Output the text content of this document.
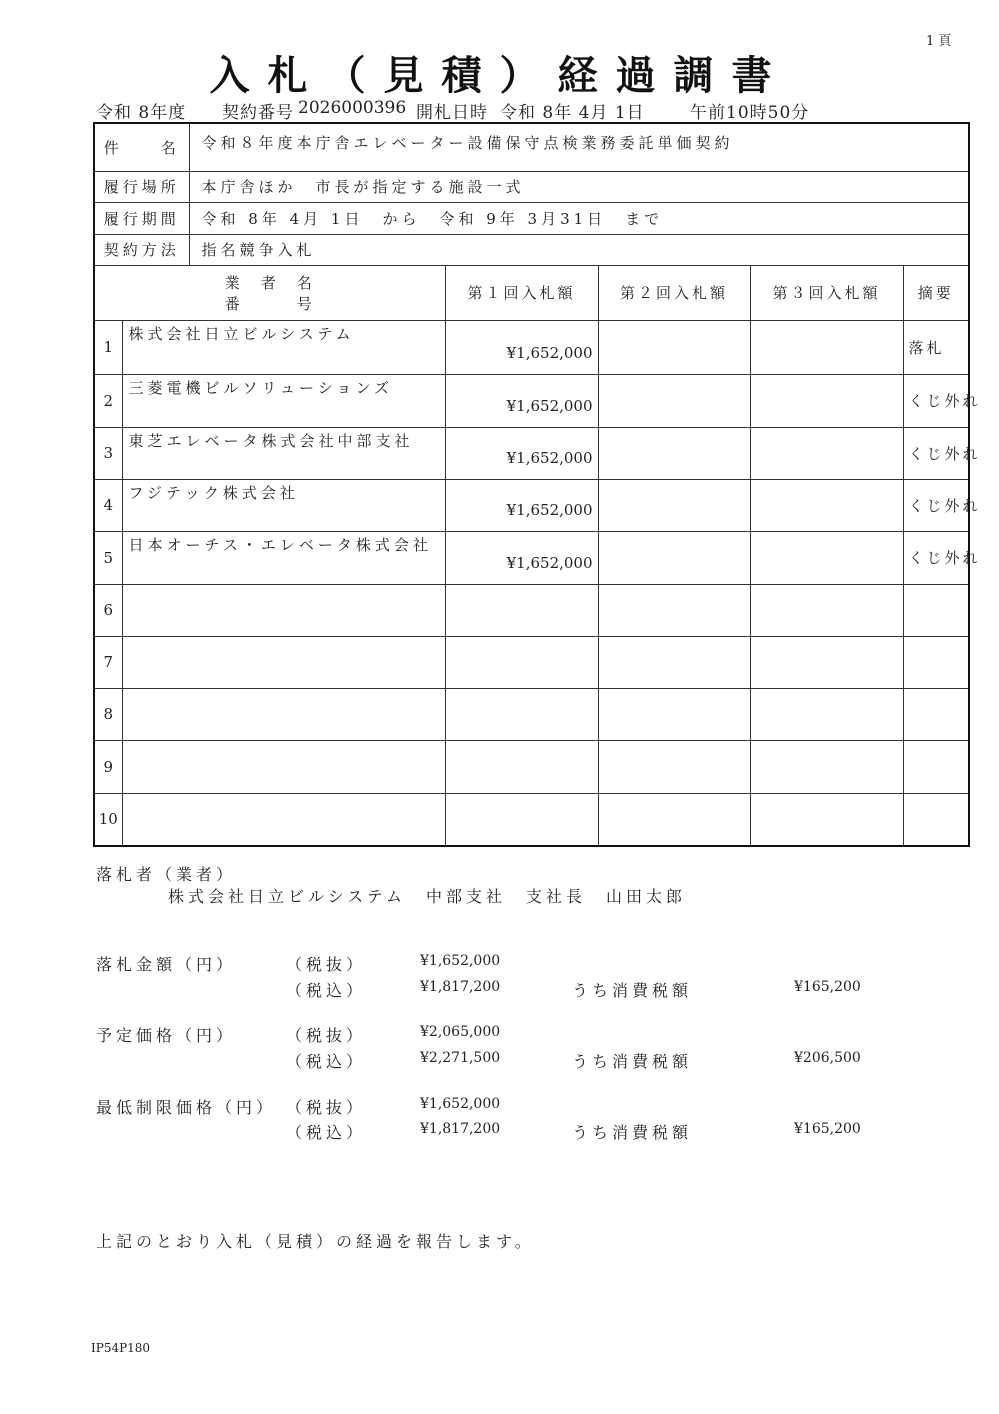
1 頁
入札（見積）経過調書
令和 8年度 契約番号 2026000396 開札日時 令和 8年 4月 1日	午前10時50分
件　　名		令和８年度本庁舎エレベーター設備保守点検業務委託単価契約				
履行場所		本庁舎ほか　市長が指定する施設一式				
履行期間		令和 8年 4月 1日　から　令和 9年 3月31日　まで				
契約方法		指名競争入札				

業　者　名
番　　　号			第１回入札額	第２回入札額	第３回入札額	摘要
1	株式会社日立ビルシステム		¥1,652,000			落札
2	三菱電機ビルソリューションズ		¥1,652,000			くじ外れ
3	東芝エレベータ株式会社中部支社		¥1,652,000			くじ外れ
4	フジテック株式会社		¥1,652,000			くじ外れ
5	日本オーチス・エレベータ株式会社		¥1,652,000			くじ外れ
6						
7						
8						
9						
10						
落札者（業者）
株式会社日立ビルシステム　中部支社　支社長　山田太郎
落札金額（円）	（税抜）	¥1,652,000
（税込）	¥1,817,200	うち消費税額	¥165,200
予定価格（円）	（税抜）	¥2,065,000
（税込）	¥2,271,500	うち消費税額	¥206,500
最低制限価格（円） （税抜）	¥1,652,000
（税込）	¥1,817,200	うち消費税額	¥165,200
上記のとおり入札（見積）の経過を報告します。
IP54P180
